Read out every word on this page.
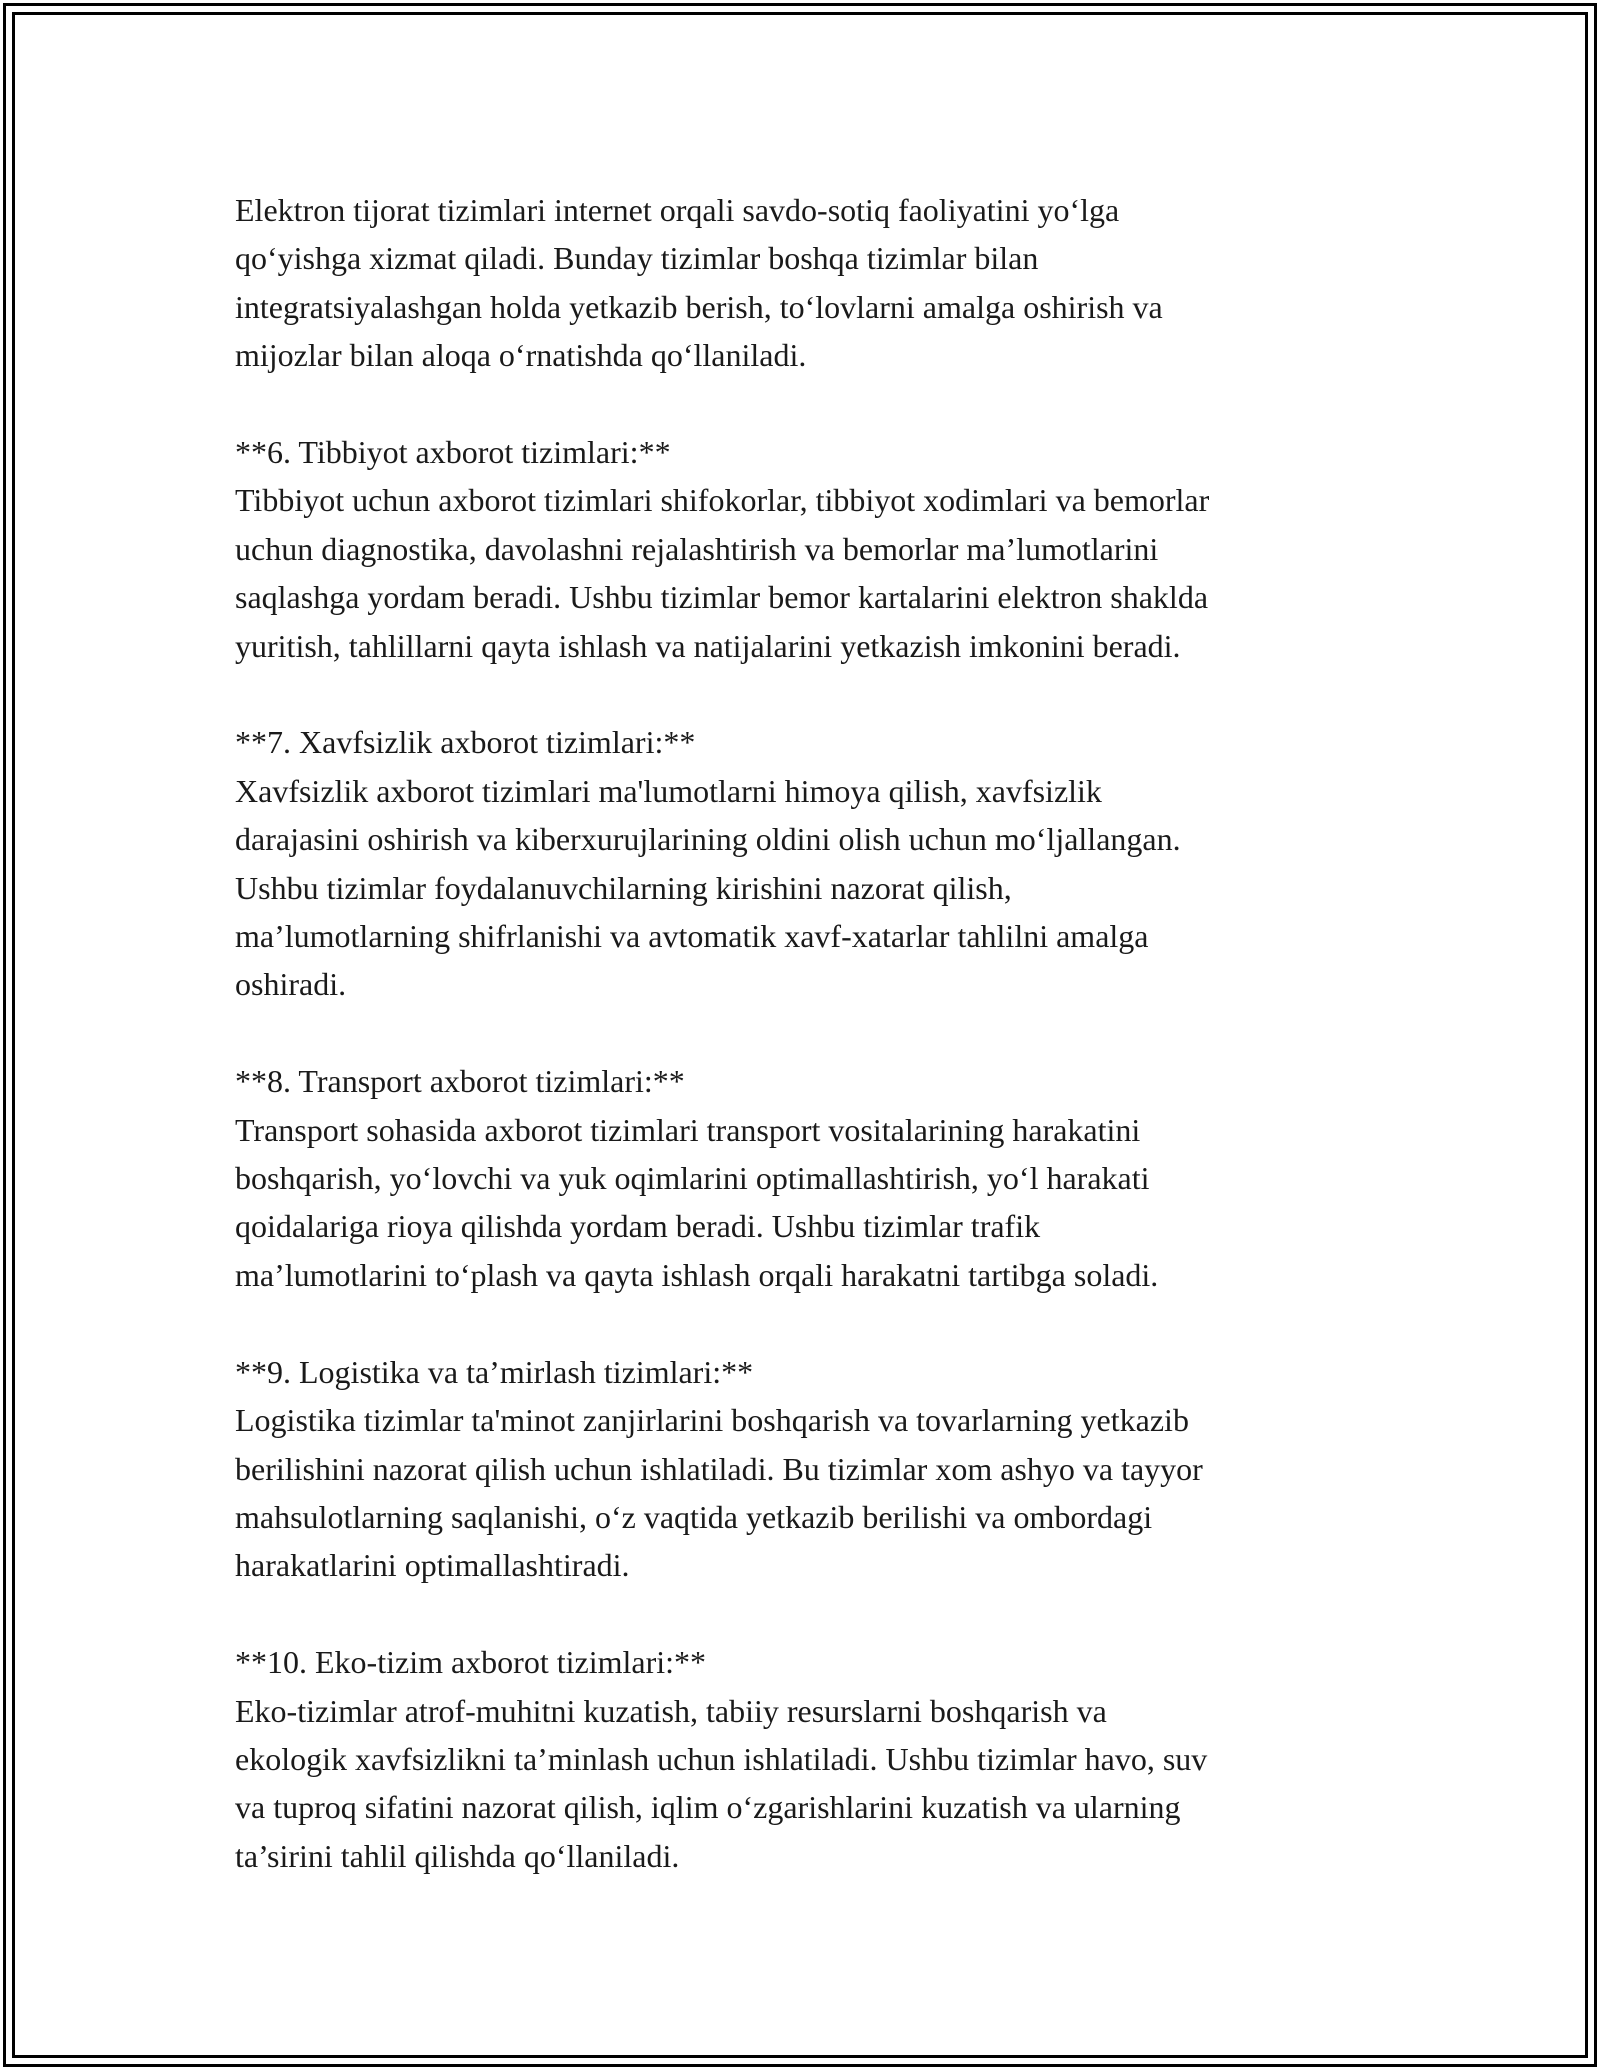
Elektron tijorat tizimlari internet orqali savdo-sotiq faoliyatini yo‘lga
qo‘yishga xizmat qiladi. Bunday tizimlar boshqa tizimlar bilan
integratsiyalashgan holda yetkazib berish, to‘lovlarni amalga oshirish va
mijozlar bilan aloqa o‘rnatishda qo‘llaniladi.

**6. Tibbiyot axborot tizimlari:**

Tibbiyot uchun axborot tizimlari shifokorlar, tibbiyot xodimlari va bemorlar
uchun diagnostika, davolashni rejalashtirish va bemorlar ma’lumotlarini
saqlashga yordam beradi. Ushbu tizimlar bemor kartalarini elektron shakldа
yuritish, tahlillarni qayta ishlash va natijalarini yetkazish imkonini beradi.

**7. Xavfsizlik axborot tizimlari:**

Xavfsizlik axborot tizimlari ma'lumotlarni himoya qilish, xavfsizlik
darajasini oshirish va kiberxurujlarining oldini olish uchun mo‘ljallangan.
Ushbu tizimlar foydalanuvchilarning kirishini nazorat qilish,
ma’lumotlarning shifrlanishi va avtomatik xavf-xatarlar tahlilni amalga
oshiradi.

**8. Transport axborot tizimlari:**

Transport sohasida axborot tizimlari transport vositalarining harakatini
boshqarish, yo‘lovchi va yuk oqimlarini optimallashtirish, yo‘l harakati
qoidalariga rioya qilishda yordam beradi. Ushbu tizimlar trafik
ma’lumotlarini to‘plash va qayta ishlash orqali harakatni tartibga soladi.

**9. Logistika va ta’mirlash tizimlari:**

Logistika tizimlar ta'minot zanjirlarini boshqarish va tovarlarning yetkazib
berilishini nazorat qilish uchun ishlatiladi. Bu tizimlar xom ashyo va tayyor
mahsulotlarning saqlanishi, o‘z vaqtida yetkazib berilishi va ombordagi
harakatlarini optimallashtiradi.

**10. Eko-tizim axborot tizimlari:**

Eko-tizimlar atrof-muhitni kuzatish, tabiiy resurslarni boshqarish va
ekologik xavfsizlikni ta’minlash uchun ishlatiladi. Ushbu tizimlar havo, suv
va tuproq sifatini nazorat qilish, iqlim o‘zgarishlarini kuzatish va ularning
ta’sirini tahlil qilishda qo‘llaniladi.
